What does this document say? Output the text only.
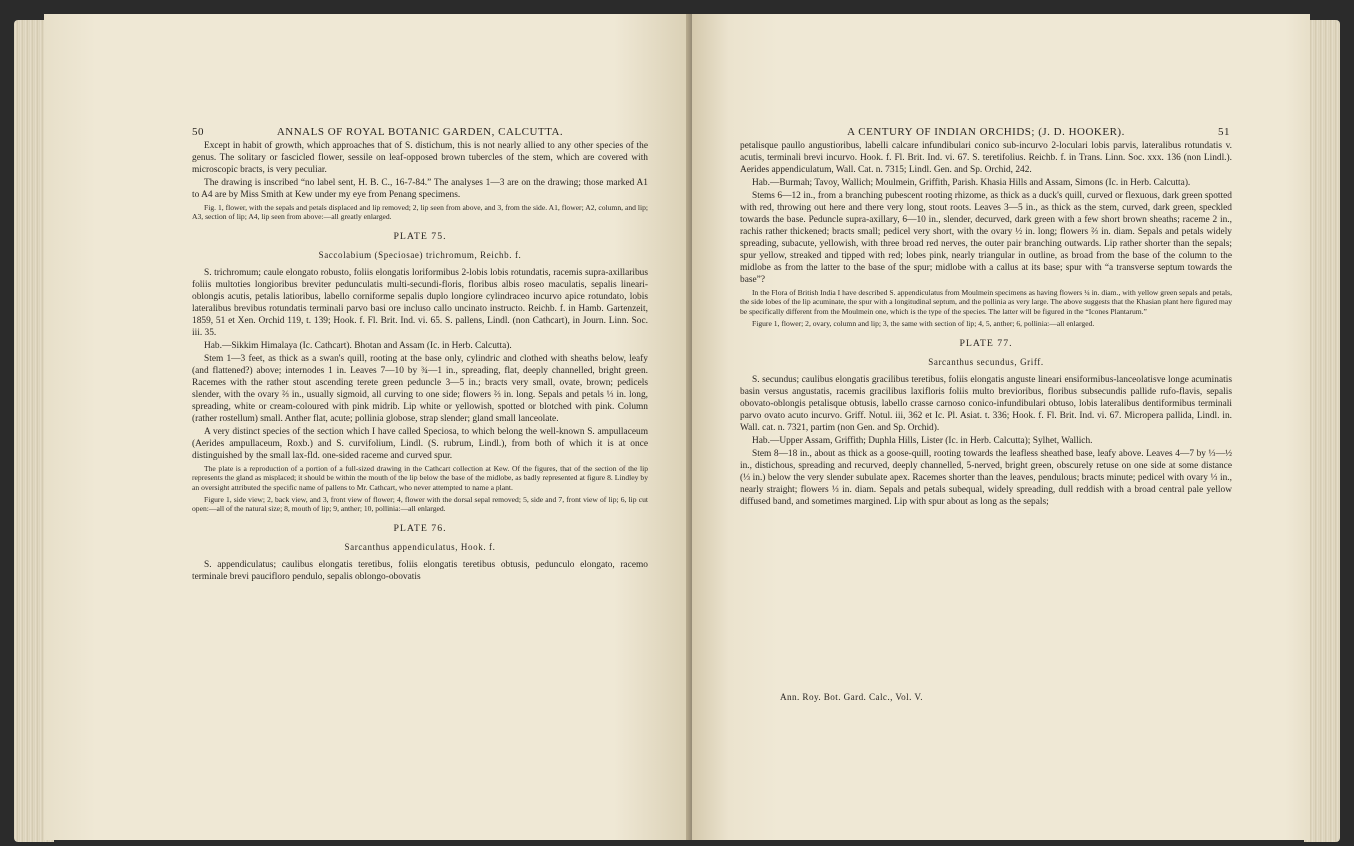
50	ANNALS OF ROYAL BOTANIC GARDEN, CALCUTTA.

Except in habit of growth, which approaches that of S. distichum, this is not nearly allied to any other species of the genus. The solitary or fascicled flower, sessile on leaf-opposed brown tubercles of the stem, which are covered with microscopic bracts, is very peculiar.

The drawing is inscribed “no label sent, H. B. C., 16-7-84.” The analyses 1—3 are on the drawing; those marked A1 to A4 are by Miss Smith at Kew under my eye from Penang specimens.

Fig. 1, flower, with the sepals and petals displaced and lip removed; 2, lip seen from above, and 3, from the side. A1, flower; A2, column, and lip; A3, section of lip; A4, lip seen from above:—all greatly enlarged.

PLATE 75.
Saccolabium (Speciosae) trichromum, Reichb. f.

S. trichromum; caule elongato robusto, foliis elongatis loriformibus 2-lobis lobis rotundatis, racemis supra-axillaribus foliis multoties longioribus breviter pedunculatis multi-secundi-floris, floribus albis roseo maculatis, sepalis lineari-oblongis acutis, petalis latioribus, labello corniforme sepalis duplo longiore cylindraceo incurvo apice rotundato, lobis lateralibus brevibus rotundatis terminali parvo basi ore incluso callo uncinato instructo. Reichb. f. in Hamb. Gartenzeit, 1859, 51 et Xen. Orchid 119, t. 139; Hook. f. Fl. Brit. Ind. vi. 65. S. pallens, Lindl. (non Cathcart), in Journ. Linn. Soc. iii. 35.

Hab.—Sikkim Himalaya (Ic. Cathcart). Bhotan and Assam (Ic. in Herb. Calcutta).

Stem 1—3 feet, as thick as a swan's quill, rooting at the base only, cylindric and clothed with sheaths below, leafy (and flattened?) above; internodes 1 in. Leaves 7—10 by ¾—1 in., spreading, flat, deeply channelled, bright green. Racemes with the rather stout ascending terete green peduncle 3—5 in.; bracts very small, ovate, brown; pedicels slender, with the ovary ⅔ in., usually sigmoid, all curving to one side; flowers ⅔ in. long. Sepals and petals ⅓ in. long, spreading, white or cream-coloured with pink midrib. Lip white or yellowish, spotted or blotched with pink. Column (rather rostellum) small. Anther flat, acute; pollinia globose, strap slender; gland small lanceolate.

A very distinct species of the section which I have called Speciosa, to which belong the well-known S. ampullaceum (Aerides ampullaceum, Roxb.) and S. curvifolium, Lindl. (S. rubrum, Lindl.), from both of which it is at once distinguished by the small lax-fld. one-sided raceme and curved spur.

The plate is a reproduction of a portion of a full-sized drawing in the Cathcart collection at Kew. Of the figures, that of the section of the lip represents the gland as misplaced; it should be within the mouth of the lip below the base of the midlobe, as badly represented at figure 8. Lindley by an oversight attributed the specific name of pallens to Mr. Cathcart, who never attempted to name a plant.

Figure 1, side view; 2, back view, and 3, front view of flower; 4, flower with the dorsal sepal removed; 5, side and 7, front view of lip; 6, lip cut open:—all of the natural size; 8, mouth of lip; 9, anther; 10, pollinia:—all enlarged.

PLATE 76.
Sarcanthus appendiculatus, Hook. f.

S. appendiculatus; caulibus elongatis teretibus, foliis elongatis teretibus obtusis, pedunculo elongato, racemo terminale brevi paucifloro pendulo, sepalis oblongo-obovatis

A CENTURY OF INDIAN ORCHIDS; (J. D. HOOKER).	51

petalisque paullo angustioribus, labelli calcare infundibulari conico sub-incurvo 2-loculari lobis parvis, lateralibus rotundatis v. acutis, terminali brevi incurvo. Hook. f. Fl. Brit. Ind. vi. 67. S. teretifolius. Reichb. f. in Trans. Linn. Soc. xxx. 136 (non Lindl.). Aerides appendiculatum, Wall. Cat. n. 7315; Lindl. Gen. and Sp. Orchid, 242.

Hab.—Burmah; Tavoy, Wallich; Moulmein, Griffith, Parish. Khasia Hills and Assam, Simons (Ic. in Herb. Calcutta).

Stems 6—12 in., from a branching pubescent rooting rhizome, as thick as a duck's quill, curved or flexuous, dark green spotted with red, throwing out here and there very long, stout roots. Leaves 3—5 in., as thick as the stem, curved, dark green, speckled towards the base. Peduncle supra-axillary, 6—10 in., slender, decurved, dark green with a few short brown sheaths; raceme 2 in., rachis rather thickened; bracts small; pedicel very short, with the ovary ½ in. long; flowers ⅔ in. diam. Sepals and petals widely spreading, subacute, yellowish, with three broad red nerves, the outer pair branching outwards. Lip rather shorter than the sepals; spur yellow, streaked and tipped with red; lobes pink, nearly triangular in outline, as broad from the base of the column to the midlobe as from the latter to the base of the spur; midlobe with a callus at its base; spur with “a transverse septum towards the base”?

In the Flora of British India I have described S. appendiculatus from Moulmein specimens as having flowers ¼ in. diam., with yellow green sepals and petals, the side lobes of the lip acuminate, the spur with a longitudinal septum, and the pollinia as very large. The above suggests that the Khasian plant here figured may be specifically different from the Moulmein one, which is the type of the species. The latter will be figured in the “Icones Plantarum.”

Figure 1, flower; 2, ovary, column and lip; 3, the same with section of lip; 4, 5, anther; 6, pollinia:—all enlarged.

PLATE 77.
Sarcanthus secundus, Griff.

S. secundus; caulibus elongatis gracilibus teretibus, foliis elongatis anguste lineari ensiformibus-lanceolatisve longe acuminatis basin versus angustatis, racemis gracilibus laxifloris foliis multo brevioribus, floribus subsecundis pallide rufo-flavis, sepalis obovato-oblongis petalisque obtusis, labello crasse carnoso conico-infundibulari obtuso, lobis lateralibus dentiformibus terminali parvo ovato acuto incurvo. Griff. Notul. iii, 362 et Ic. Pl. Asiat. t. 336; Hook. f. Fl. Brit. Ind. vi. 67. Micropera pallida, Lindl. in. Wall. cat. n. 7321, partim (non Gen. and Sp. Orchid).

Hab.—Upper Assam, Griffith; Duphla Hills, Lister (Ic. in Herb. Calcutta); Sylhet, Wallich.

Stem 8—18 in., about as thick as a goose-quill, rooting towards the leafless sheathed base, leafy above. Leaves 4—7 by ⅓—½ in., distichous, spreading and recurved, deeply channelled, 5-nerved, bright green, obscurely retuse on one side at some distance (⅓ in.) below the very slender subulate apex. Racemes shorter than the leaves, pendulous; bracts minute; pedicel with ovary ⅓ in., nearly straight; flowers ⅓ in. diam. Sepals and petals subequal, widely spreading, dull reddish with a broad central pale yellow diffused band, and sometimes margined. Lip with spur about as long as the sepals;

Ann. Roy. Bot. Gard. Calc., Vol. V.
